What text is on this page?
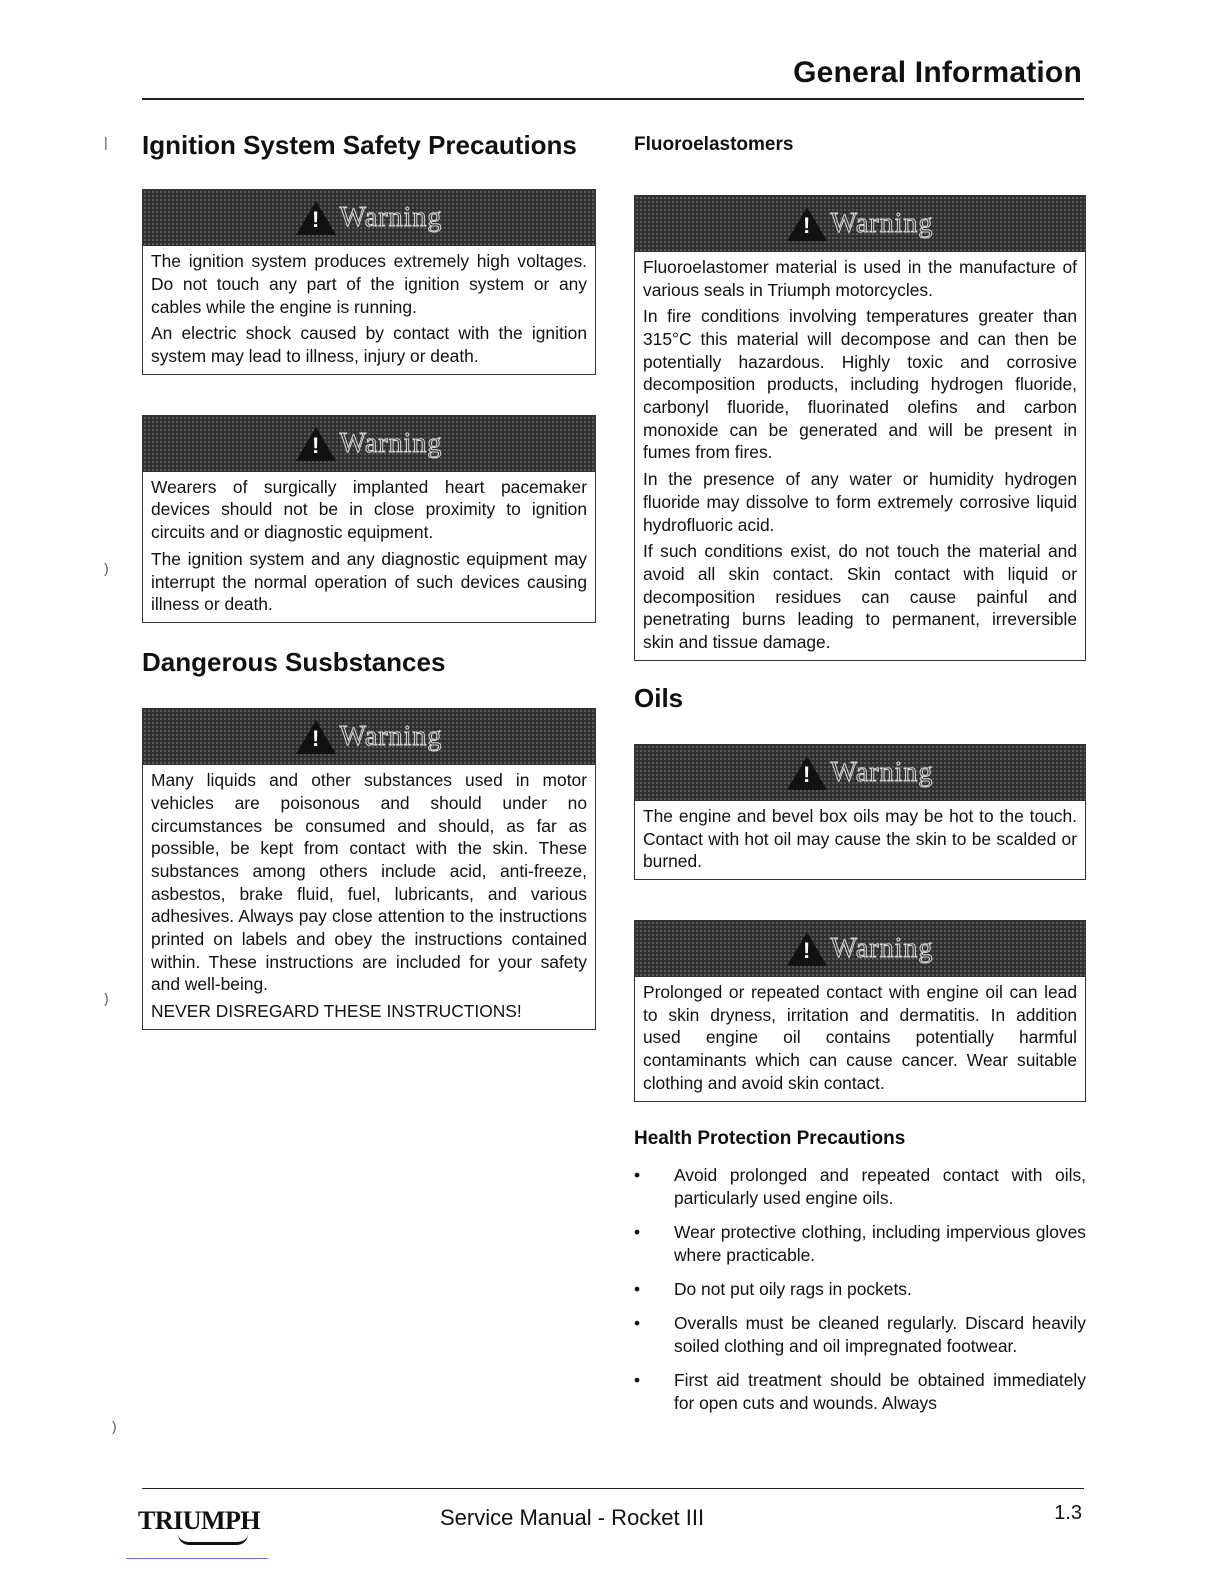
General Information
|
)
)
)
Ignition System Safety Precautions
! Warning

The ignition system produces extremely high voltages. Do not touch any part of the ignition system or any cables while the engine is running.

An electric shock caused by contact with the ignition system may lead to illness, injury or death.

! Warning

Wearers of surgically implanted heart pacemaker devices should not be in close proximity to ignition circuits and or diagnostic equipment.

The ignition system and any diagnostic equipment may interrupt the normal operation of such devices causing illness or death.

Dangerous Susbstances
! Warning

Many liquids and other substances used in motor vehicles are poisonous and should under no circumstances be consumed and should, as far as possible, be kept from contact with the skin. These substances among others include acid, anti-freeze, asbestos, brake fluid, fuel, lubricants, and various adhesives. Always pay close attention to the instructions printed on labels and obey the instructions contained within. These instructions are included for your safety and well-being.

NEVER DISREGARD THESE INSTRUCTIONS!

Fluoroelastomers
! Warning

Fluoroelastomer material is used in the manufacture of various seals in Triumph motorcycles.

In fire conditions involving temperatures greater than 315°C this material will decompose and can then be potentially hazardous. Highly toxic and corrosive decomposition products, including hydrogen fluoride, carbonyl fluoride, fluorinated olefins and carbon monoxide can be generated and will be present in fumes from fires.

In the presence of any water or humidity hydrogen fluoride may dissolve to form extremely corrosive liquid hydrofluoric acid.

If such conditions exist, do not touch the material and avoid all skin contact. Skin contact with liquid or decomposition residues can cause painful and penetrating burns leading to permanent, irreversible skin and tissue damage.

Oils
! Warning

The engine and bevel box oils may be hot to the touch. Contact with hot oil may cause the skin to be scalded or burned.

! Warning

Prolonged or repeated contact with engine oil can lead to skin dryness, irritation and dermatitis. In addition used engine oil contains potentially harmful contaminants which can cause cancer. Wear suitable clothing and avoid skin contact.

Health Protection Precautions
• Avoid prolonged and repeated contact with oils, particularly used engine oils.
• Wear protective clothing, including impervious gloves where practicable.
• Do not put oily rags in pockets.
• Overalls must be cleaned regularly. Discard heavily soiled clothing and oil impregnated footwear.
• First aid treatment should be obtained immediately for open cuts and wounds. Always
TRIUMPH	Service Manual - Rocket III	1.3
